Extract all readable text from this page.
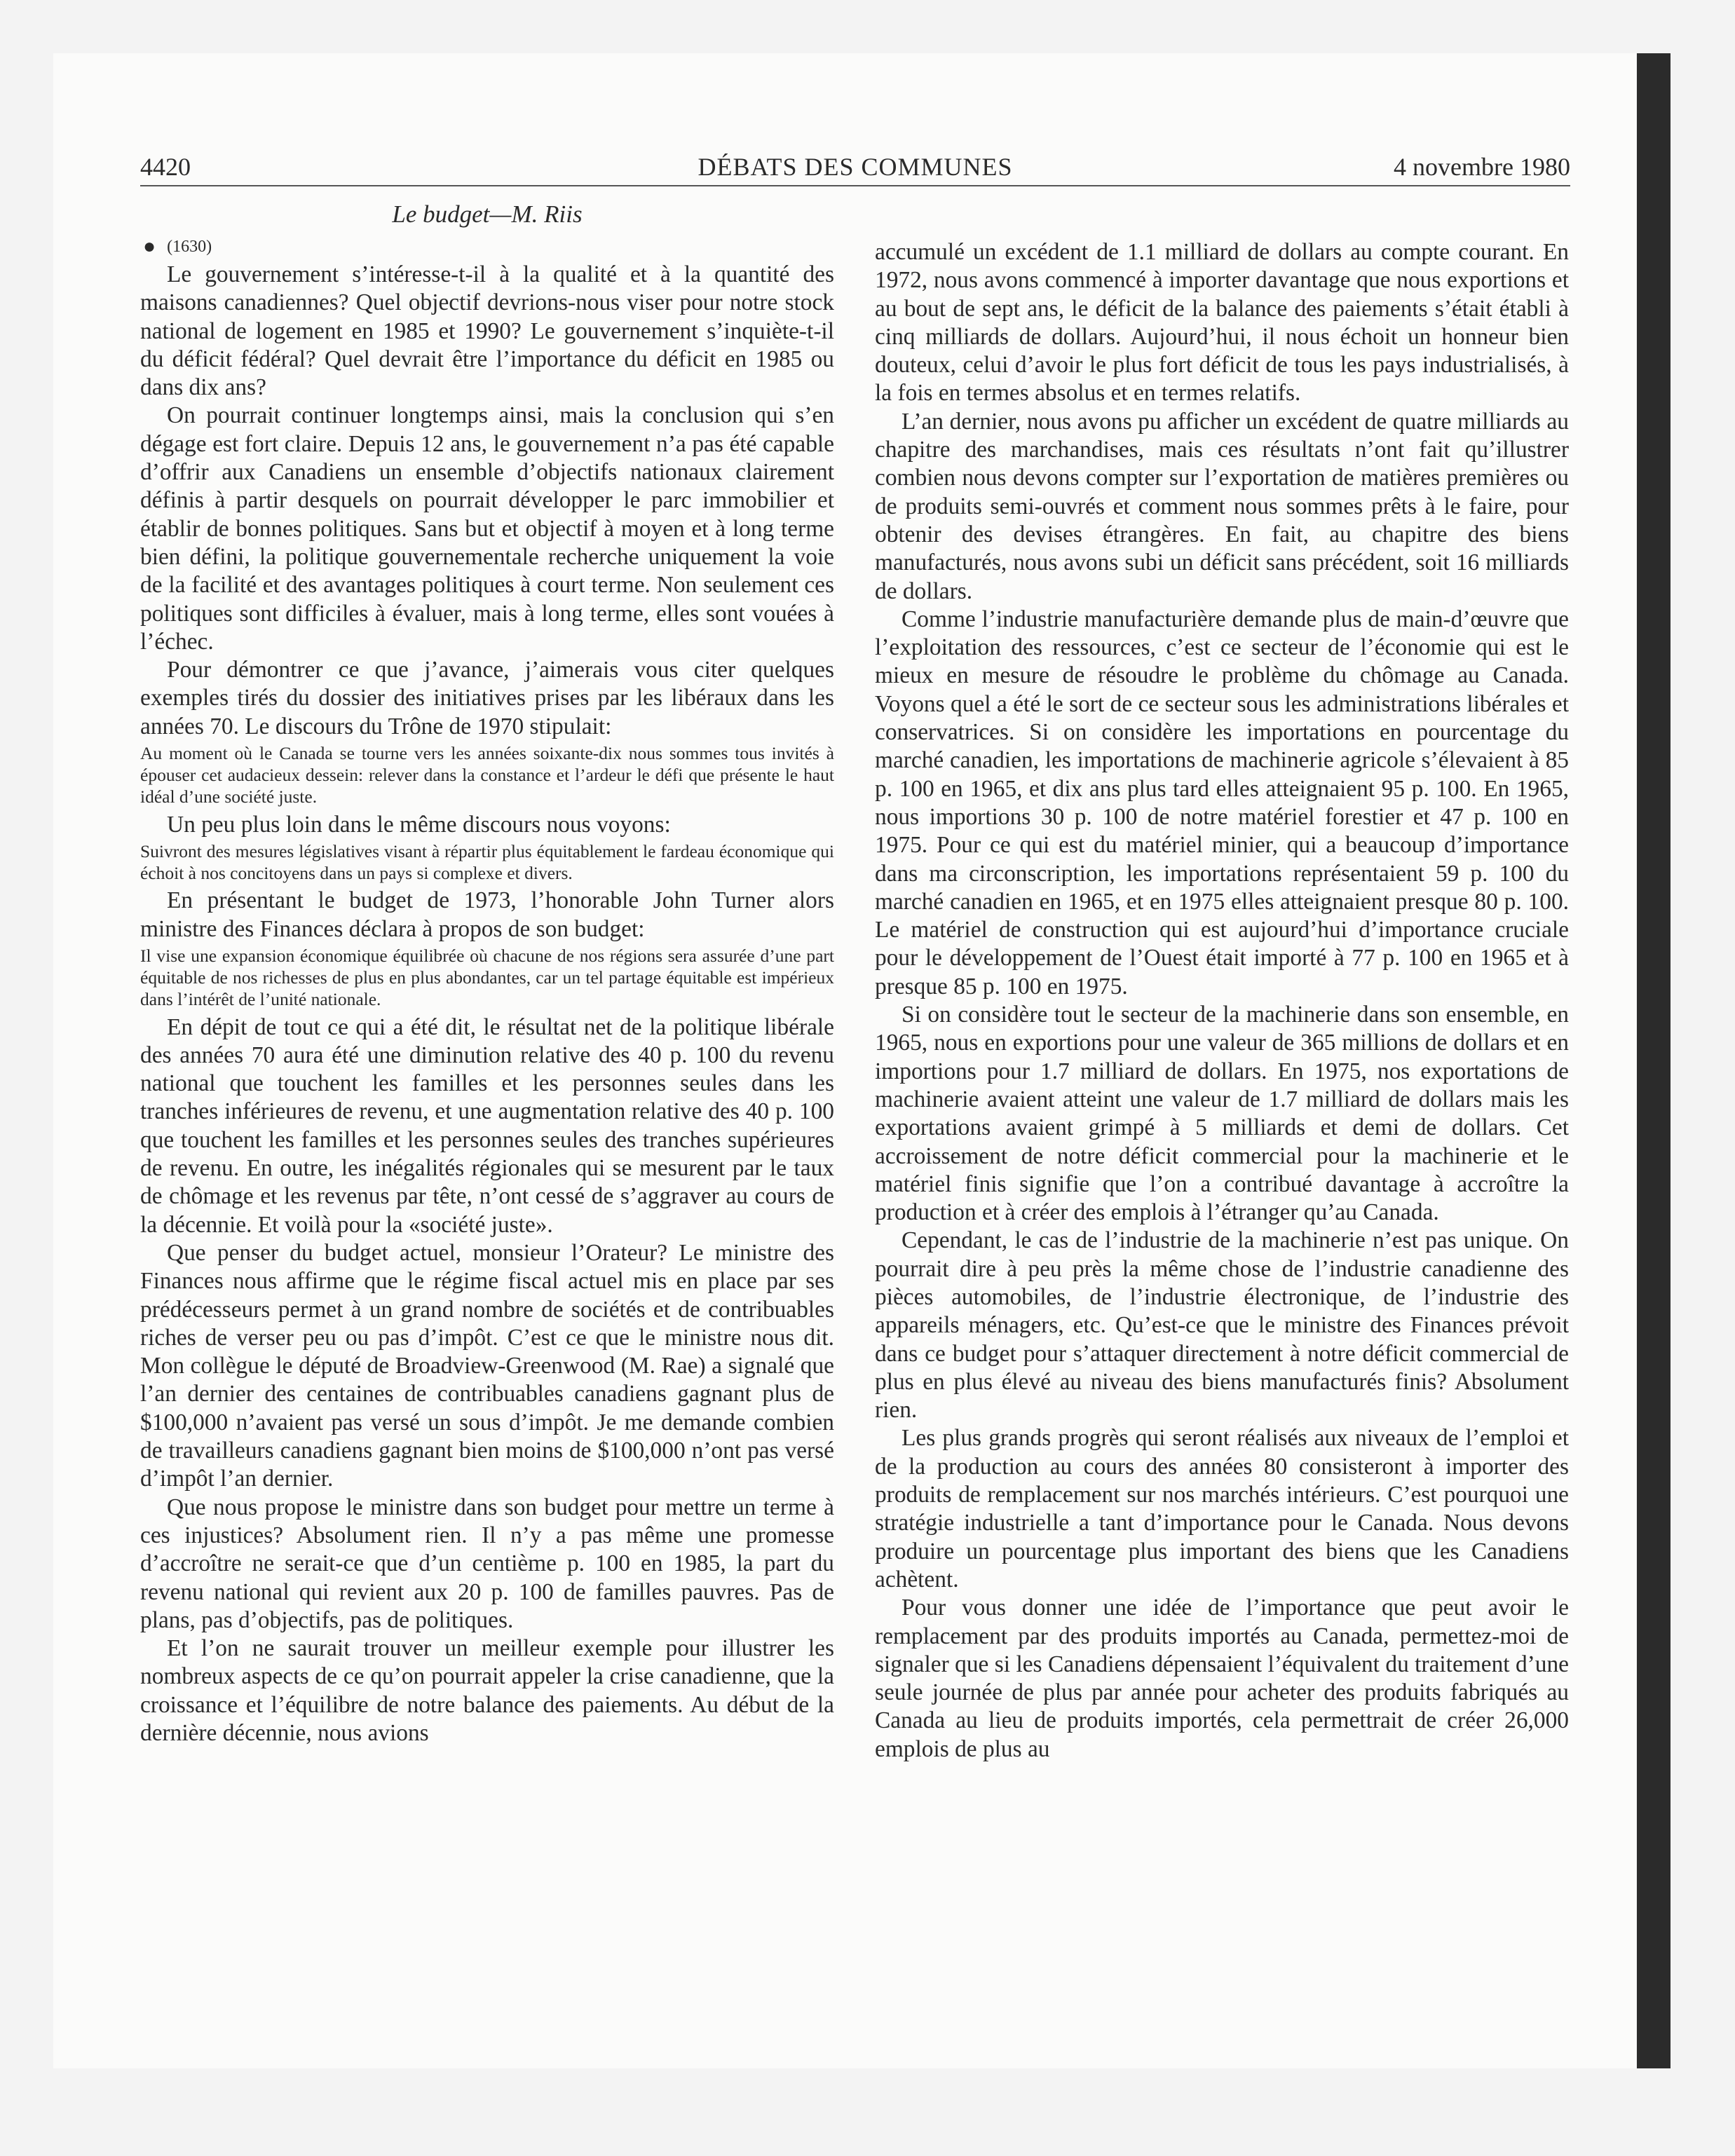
4420	DÉBATS DES COMMUNES	4 novembre 1980
Le budget—M. Riis
● (1630)

Le gouvernement s’intéresse-t-il à la qualité et à la quantité des maisons canadiennes? Quel objectif devrions-nous viser pour notre stock national de logement en 1985 et 1990? Le gouvernement s’inquiète-t-il du déficit fédéral? Quel devrait être l’importance du déficit en 1985 ou dans dix ans?

On pourrait continuer longtemps ainsi, mais la conclusion qui s’en dégage est fort claire. Depuis 12 ans, le gouvernement n’a pas été capable d’offrir aux Canadiens un ensemble d’objectifs nationaux clairement définis à partir desquels on pourrait développer le parc immobilier et établir de bonnes politiques. Sans but et objectif à moyen et à long terme bien défini, la politique gouvernementale recherche uniquement la voie de la facilité et des avantages politiques à court terme. Non seulement ces politiques sont difficiles à évaluer, mais à long terme, elles sont vouées à l’échec.

Pour démontrer ce que j’avance, j’aimerais vous citer quelques exemples tirés du dossier des initiatives prises par les libéraux dans les années 70. Le discours du Trône de 1970 stipulait:

Au moment où le Canada se tourne vers les années soixante-dix nous sommes tous invités à épouser cet audacieux dessein: relever dans la constance et l’ardeur le défi que présente le haut idéal d’une société juste.

Un peu plus loin dans le même discours nous voyons:

Suivront des mesures législatives visant à répartir plus équitablement le fardeau économique qui échoit à nos concitoyens dans un pays si complexe et divers.

En présentant le budget de 1973, l’honorable John Turner alors ministre des Finances déclara à propos de son budget:

Il vise une expansion économique équilibrée où chacune de nos régions sera assurée d’une part équitable de nos richesses de plus en plus abondantes, car un tel partage équitable est impérieux dans l’intérêt de l’unité nationale.

En dépit de tout ce qui a été dit, le résultat net de la politique libérale des années 70 aura été une diminution relative des 40 p. 100 du revenu national que touchent les familles et les personnes seules dans les tranches inférieures de revenu, et une augmentation relative des 40 p. 100 que touchent les familles et les personnes seules des tranches supérieures de revenu. En outre, les inégalités régionales qui se mesurent par le taux de chômage et les revenus par tête, n’ont cessé de s’aggraver au cours de la décennie. Et voilà pour la «société juste».

Que penser du budget actuel, monsieur l’Orateur? Le ministre des Finances nous affirme que le régime fiscal actuel mis en place par ses prédécesseurs permet à un grand nombre de sociétés et de contribuables riches de verser peu ou pas d’impôt. C’est ce que le ministre nous dit. Mon collègue le député de Broadview-Greenwood (M. Rae) a signalé que l’an dernier des centaines de contribuables canadiens gagnant plus de $100,000 n’avaient pas versé un sous d’impôt. Je me demande combien de travailleurs canadiens gagnant bien moins de $100,000 n’ont pas versé d’impôt l’an dernier.

Que nous propose le ministre dans son budget pour mettre un terme à ces injustices? Absolument rien. Il n’y a pas même une promesse d’accroître ne serait-ce que d’un centième p. 100 en 1985, la part du revenu national qui revient aux 20 p. 100 de familles pauvres. Pas de plans, pas d’objectifs, pas de politiques.

Et l’on ne saurait trouver un meilleur exemple pour illustrer les nombreux aspects de ce qu’on pourrait appeler la crise canadienne, que la croissance et l’équilibre de notre balance des paiements. Au début de la dernière décennie, nous avions

accumulé un excédent de 1.1 milliard de dollars au compte courant. En 1972, nous avons commencé à importer davantage que nous exportions et au bout de sept ans, le déficit de la balance des paiements s’était établi à cinq milliards de dollars. Aujourd’hui, il nous échoit un honneur bien douteux, celui d’avoir le plus fort déficit de tous les pays industrialisés, à la fois en termes absolus et en termes relatifs.

L’an dernier, nous avons pu afficher un excédent de quatre milliards au chapitre des marchandises, mais ces résultats n’ont fait qu’illustrer combien nous devons compter sur l’exportation de matières premières ou de produits semi-ouvrés et comment nous sommes prêts à le faire, pour obtenir des devises étrangères. En fait, au chapitre des biens manufacturés, nous avons subi un déficit sans précédent, soit 16 milliards de dollars.

Comme l’industrie manufacturière demande plus de main-d’œuvre que l’exploitation des ressources, c’est ce secteur de l’économie qui est le mieux en mesure de résoudre le problème du chômage au Canada. Voyons quel a été le sort de ce secteur sous les administrations libérales et conservatrices. Si on considère les importations en pourcentage du marché canadien, les importations de machinerie agricole s’élevaient à 85 p. 100 en 1965, et dix ans plus tard elles atteignaient 95 p. 100. En 1965, nous importions 30 p. 100 de notre matériel forestier et 47 p. 100 en 1975. Pour ce qui est du matériel minier, qui a beaucoup d’importance dans ma circonscription, les importations représentaient 59 p. 100 du marché canadien en 1965, et en 1975 elles atteignaient presque 80 p. 100. Le matériel de construction qui est aujourd’hui d’importance cruciale pour le développement de l’Ouest était importé à 77 p. 100 en 1965 et à presque 85 p. 100 en 1975.

Si on considère tout le secteur de la machinerie dans son ensemble, en 1965, nous en exportions pour une valeur de 365 millions de dollars et en importions pour 1.7 milliard de dollars. En 1975, nos exportations de machinerie avaient atteint une valeur de 1.7 milliard de dollars mais les exportations avaient grimpé à 5 milliards et demi de dollars. Cet accroissement de notre déficit commercial pour la machinerie et le matériel finis signifie que l’on a contribué davantage à accroître la production et à créer des emplois à l’étranger qu’au Canada.

Cependant, le cas de l’industrie de la machinerie n’est pas unique. On pourrait dire à peu près la même chose de l’industrie canadienne des pièces automobiles, de l’industrie électronique, de l’industrie des appareils ménagers, etc. Qu’est-ce que le ministre des Finances prévoit dans ce budget pour s’attaquer directement à notre déficit commercial de plus en plus élevé au niveau des biens manufacturés finis? Absolument rien.

Les plus grands progrès qui seront réalisés aux niveaux de l’emploi et de la production au cours des années 80 consisteront à importer des produits de remplacement sur nos marchés intérieurs. C’est pourquoi une stratégie industrielle a tant d’importance pour le Canada. Nous devons produire un pourcentage plus important des biens que les Canadiens achètent.

Pour vous donner une idée de l’importance que peut avoir le remplacement par des produits importés au Canada, permettez-moi de signaler que si les Canadiens dépensaient l’équivalent du traitement d’une seule journée de plus par année pour acheter des produits fabriqués au Canada au lieu de produits importés, cela permettrait de créer 26,000 emplois de plus au
